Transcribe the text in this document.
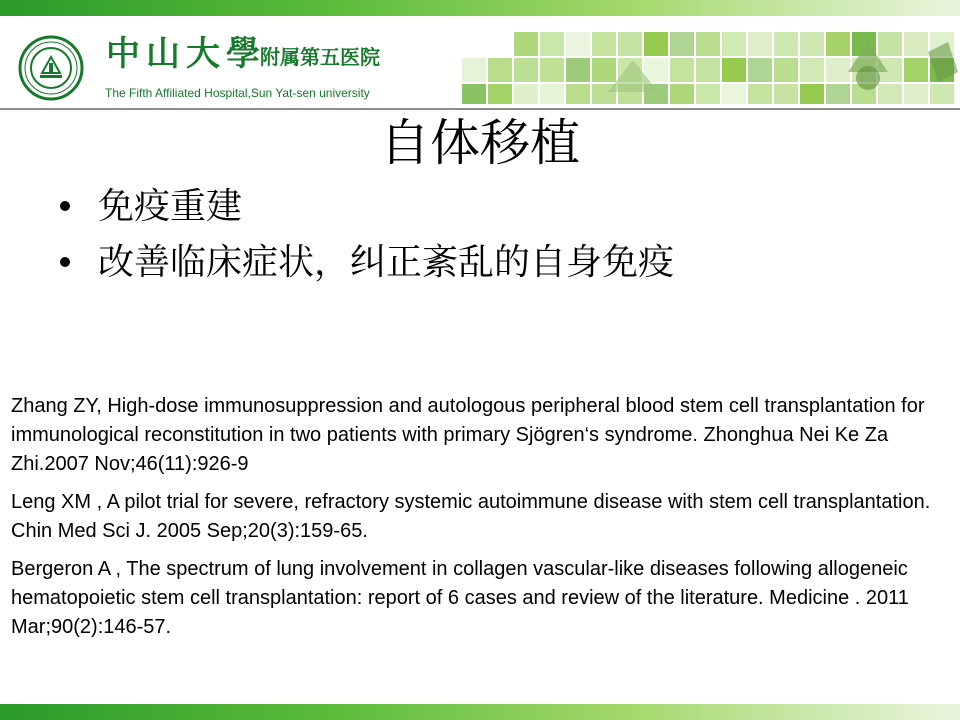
中山大學
附属第五医院
The Fifth Affiliated Hospital,Sun Yat-sen university
自体移植
免疫重建
改善临床症状，纠正紊乱的自身免疫

Zhang ZY, High-dose immunosuppression and autologous peripheral blood stem cell transplantation for immunological reconstitution in two patients with primary Sjögren‘s syndrome. Zhonghua Nei Ke Za Zhi.2007 Nov;46(11):926-9

Leng XM , A pilot trial for severe, refractory systemic autoimmune disease with stem cell transplantation. Chin Med Sci J. 2005 Sep;20(3):159-65.

Bergeron A , The spectrum of lung involvement in collagen vascular-like diseases following allogeneic hematopoietic stem cell transplantation: report of 6 cases and review of the literature. Medicine . 2011 Mar;90(2):146-57.
